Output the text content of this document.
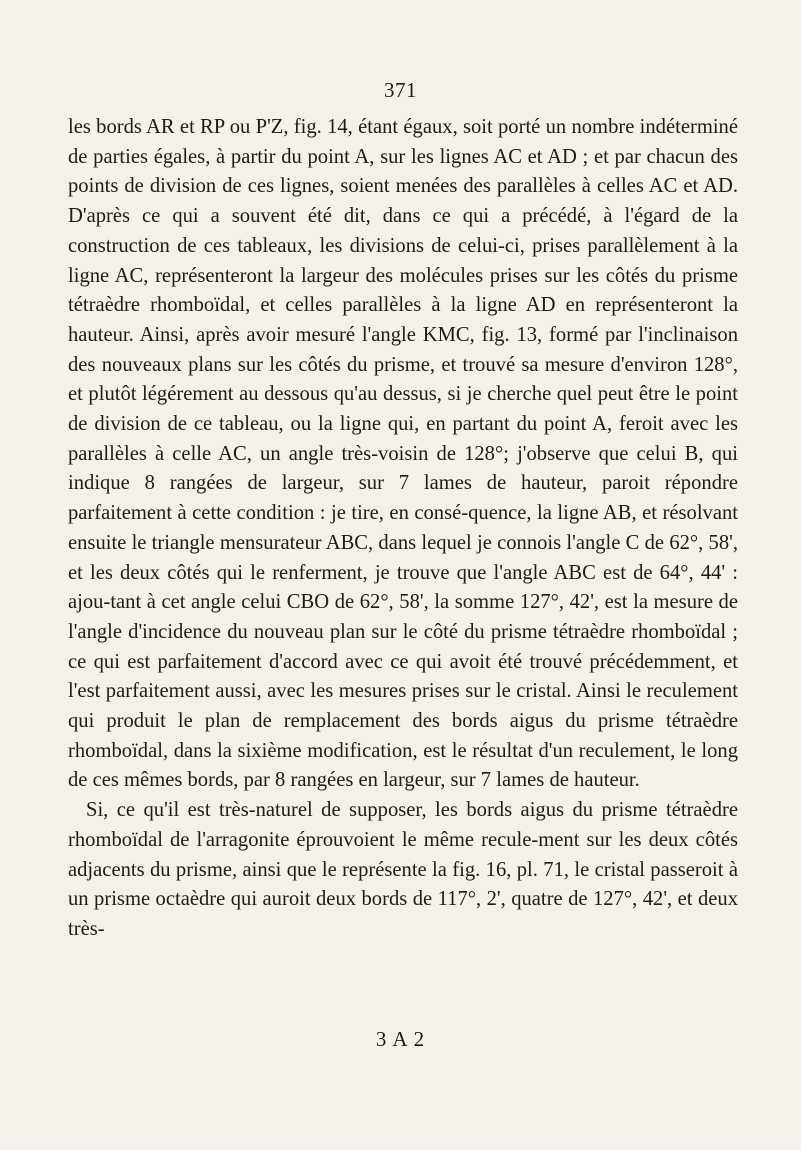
371

les bords AR et RP ou P'Z, fig. 14, étant égaux, soit porté un nombre indéterminé de parties égales, à partir du point A, sur les lignes AC et AD ; et par chacun des points de division de ces lignes, soient menées des parallèles à celles AC et AD. D'après ce qui a souvent été dit, dans ce qui a précédé, à l'égard de la construction de ces tableaux, les divisions de celui-ci, prises parallèlement à la ligne AC, représenteront la largeur des molécules prises sur les côtés du prisme tétraèdre rhomboïdal, et celles parallèles à la ligne AD en représenteront la hauteur. Ainsi, après avoir mesuré l'angle KMC, fig. 13, formé par l'inclinaison des nouveaux plans sur les côtés du prisme, et trouvé sa mesure d'environ 128°, et plutôt légérement au dessous qu'au dessus, si je cherche quel peut être le point de division de ce tableau, ou la ligne qui, en partant du point A, feroit avec les parallèles à celle AC, un angle très-voisin de 128°; j'observe que celui B, qui indique 8 rangées de largeur, sur 7 lames de hauteur, paroit répondre parfaitement à cette condition : je tire, en consé-quence, la ligne AB, et résolvant ensuite le triangle mensurateur ABC, dans lequel je connois l'angle C de 62°, 58', et les deux côtés qui le renferment, je trouve que l'angle ABC est de 64°, 44' : ajou-tant à cet angle celui CBO de 62°, 58', la somme 127°, 42', est la mesure de l'angle d'incidence du nouveau plan sur le côté du prisme tétraèdre rhomboïdal ; ce qui est parfaitement d'accord avec ce qui avoit été trouvé précédemment, et l'est parfaitement aussi, avec les mesures prises sur le cristal. Ainsi le reculement qui produit le plan de remplacement des bords aigus du prisme tétraèdre rhomboïdal, dans la sixième modification, est le résultat d'un reculement, le long de ces mêmes bords, par 8 rangées en largeur, sur 7 lames de hauteur.

Si, ce qu'il est très-naturel de supposer, les bords aigus du prisme tétraèdre rhomboïdal de l'arragonite éprouvoient le même recule-ment sur les deux côtés adjacents du prisme, ainsi que le représente la fig. 16, pl. 71, le cristal passeroit à un prisme octaèdre qui auroit deux bords de 117°, 2', quatre de 127°, 42', et deux très-

3 A 2
